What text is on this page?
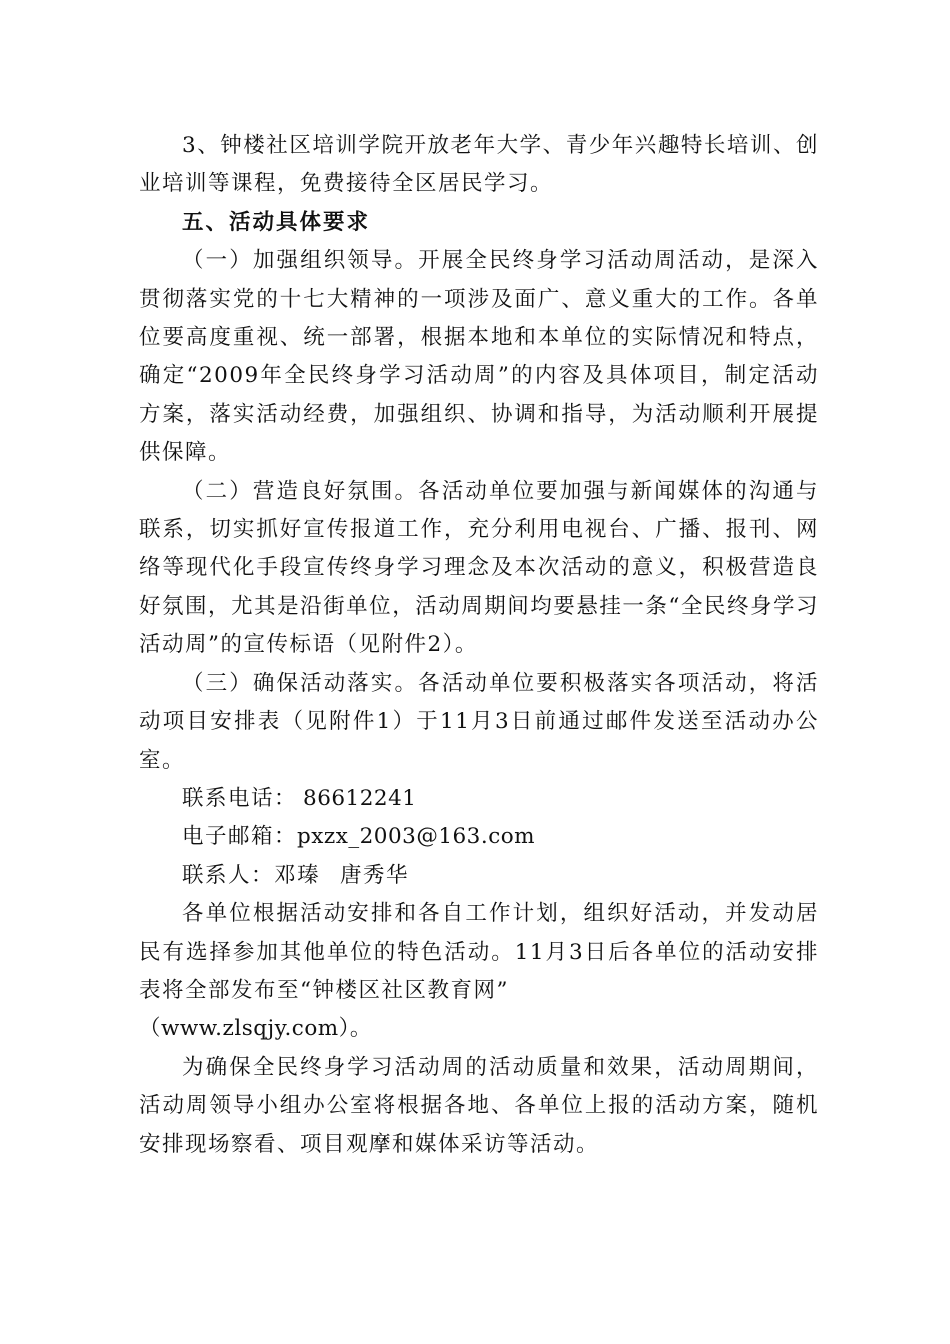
3、钟楼社区培训学院开放老年大学、青少年兴趣特长培训、创业培训等课程，免费接待全区居民学习。

五、活动具体要求

（一）加强组织领导。开展全民终身学习活动周活动，是深入贯彻落实党的十七大精神的一项涉及面广、意义重大的工作。各单位要高度重视、统一部署，根据本地和本单位的实际情况和特点，确定“2009年全民终身学习活动周”的内容及具体项目，制定活动方案，落实活动经费，加强组织、协调和指导，为活动顺利开展提供保障。

（二）营造良好氛围。各活动单位要加强与新闻媒体的沟通与联系，切实抓好宣传报道工作，充分利用电视台、广播、报刊、网络等现代化手段宣传终身学习理念及本次活动的意义，积极营造良好氛围，尤其是沿街单位，活动周期间均要悬挂一条“全民终身学习活动周”的宣传标语（见附件2）。

（三）确保活动落实。各活动单位要积极落实各项活动，将活动项目安排表（见附件1）于11月3日前通过邮件发送至活动办公室。

联系电话： 86612241

电子邮箱：pxzx_2003@163.com

联系人：邓瑧 唐秀华

各单位根据活动安排和各自工作计划，组织好活动，并发动居民有选择参加其他单位的特色活动。11月3日后各单位的活动安排表将全部发布至“钟楼区社区教育网”

（www.zlsqjy.com）。

为确保全民终身学习活动周的活动质量和效果，活动周期间，活动周领导小组办公室将根据各地、各单位上报的活动方案，随机安排现场察看、项目观摩和媒体采访等活动。
